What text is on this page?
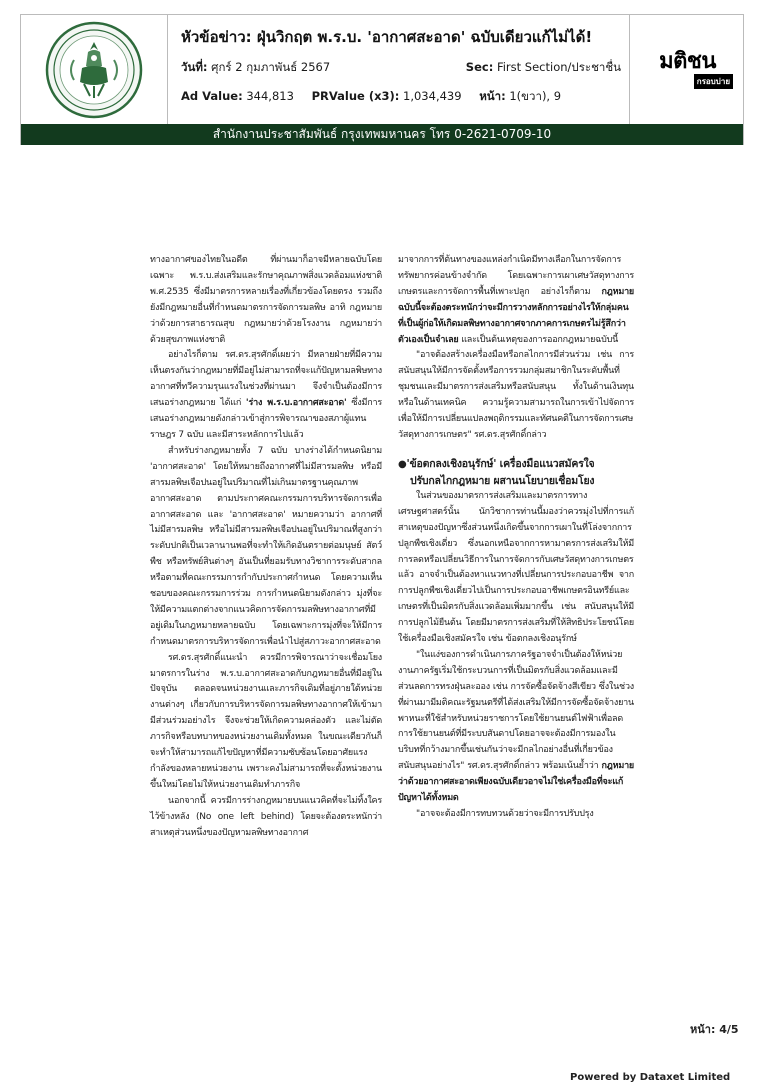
หัวข้อข่าว: ฝุ่นวิกฤต พ.ร.บ. 'อากาศสะอาด' ฉบับเดียวแก้ไม่ได้!
วันที่: ศุกร์ 2 กุมภาพันธ์ 2567	Sec: First Section/ประชาชื่น
Ad Value: 344,813 PRValue (x3): 1,034,439 หน้า: 1(ขวา), 9
มติชน
กรอบบ่าย
สำนักงานประชาสัมพันธ์ กรุงเทพมหานคร โทร 0-2621-0709-10

ทางอากาศของไทยในอดีต ที่ผ่านมาก็อาจมีหลายฉบับโดยเฉพาะ พ.ร.บ.ส่งเสริมและรักษาคุณภาพสิ่งแวดล้อมแห่งชาติ พ.ศ.2535 ซึ่งมีมาตรการหลายเรื่องที่เกี่ยวข้องโดยตรง รวมถึงยังมีกฎหมายอื่นที่กำหนดมาตรการจัดการมลพิษ อาทิ กฎหมายว่าด้วยการสาธารณสุข กฎหมายว่าด้วยโรงงาน กฎหมายว่าด้วยสุขภาพแห่งชาติ

อย่างไรก็ตาม รศ.ดร.สุรศักดิ์เผยว่า มีหลายฝ่ายที่มีความเห็นตรงกันว่ากฎหมายที่มีอยู่ไม่สามารถที่จะแก้ปัญหามลพิษทางอากาศที่ทวีความรุนแรงในช่วงที่ผ่านมา จึงจำเป็นต้องมีการเสนอร่างกฎหมาย ได้แก่ 'ร่าง พ.ร.บ.อากาศสะอาด' ซึ่งมีการเสนอร่างกฎหมายดังกล่าวเข้าสู่การพิจารณาของสภาผู้แทนราษฎร 7 ฉบับ และมีสาระหลักการไปแล้ว

สำหรับร่างกฎหมายทั้ง 7 ฉบับ บางร่างได้กำหนดนิยาม 'อากาศสะอาด' โดยให้หมายถึงอากาศที่ไม่มีสารมลพิษ หรือมีสารมลพิษเจือปนอยู่ในปริมาณที่ไม่เกินมาตรฐานคุณภาพอากาศสะอาด ตามประกาศคณะกรรมการบริหารจัดการเพื่ออากาศสะอาด และ 'อากาศสะอาด' หมายความว่า อากาศที่ไม่มีสารมลพิษ หรือไม่มีสารมลพิษเจือปนอยู่ในปริมาณที่สูงกว่าระดับปกติเป็นเวลานานพอที่จะทำให้เกิดอันตรายต่อมนุษย์ สัตว์ พืช หรือทรัพย์สินต่างๆ อันเป็นที่ยอมรับทางวิชาการระดับสากล หรือตามที่คณะกรรมการกำกับประกาศกำหนด โดยความเห็นชอบของคณะกรรมการร่วม การกำหนดนิยามดังกล่าว มุ่งที่จะให้มีความแตกต่างจากแนวคิดการจัดการมลพิษทางอากาศที่มีอยู่เดิมในกฎหมายหลายฉบับ โดยเฉพาะการมุ่งที่จะให้มีการกำหนดมาตรการบริหารจัดการเพื่อนำไปสู่สภาวะอากาศสะอาด

รศ.ดร.สุรศักดิ์แนะนำ ควรมีการพิจารณาว่าจะเชื่อมโยงมาตรการในร่าง พ.ร.บ.อากาศสะอาดกับกฎหมายอื่นที่มีอยู่ในปัจจุบัน ตลอดจนหน่วยงานและภารกิจเดิมที่อยู่ภายใต้หน่วยงานต่างๆ เกี่ยวกับการบริหารจัดการมลพิษทางอากาศให้เข้ามามีส่วนร่วมอย่างไร จึงจะช่วยให้เกิดความคล่องตัว และไม่ตัดภารกิจหรือบทบาทของหน่วยงานเดิมทั้งหมด ในขณะเดียวกันก็จะทำให้สามารถแก้ไขปัญหาที่มีความซับซ้อนโดยอาศัยแรงกำลังของหลายหน่วยงาน เพราะคงไม่สามารถที่จะตั้งหน่วยงานขึ้นใหม่โดยไม่ให้หน่วยงานเดิมทำภารกิจ

นอกจากนี้ ควรมีการร่างกฎหมายบนแนวคิดที่จะไม่ทิ้งใครไว้ข้างหลัง (No one left behind) โดยจะต้องตระหนักว่าสาเหตุส่วนหนึ่งของปัญหามลพิษทางอากาศ

มาจากการที่ต้นทางของแหล่งกำเนิดมีทางเลือกในการจัดการทรัพยากรค่อนข้างจำกัด โดยเฉพาะการเผาเศษวัสดุทางการเกษตรและการจัดการพื้นที่เพาะปลูก อย่างไรก็ตาม กฎหมายฉบับนี้จะต้องตระหนักว่าจะมีการวางหลักการอย่างไรให้กลุ่มคนที่เป็นผู้ก่อให้เกิดมลพิษทางอากาศจากภาคการเกษตรไม่รู้สึกว่าตัวเองเป็นจำเลย และเป็นต้นเหตุของการออกกฎหมายฉบับนี้

"อาจต้องสร้างเครื่องมือหรือกลไกการมีส่วนร่วม เช่น การสนับสนุนให้มีการจัดตั้งหรือการรวมกลุ่มสมาชิกในระดับพื้นที่ชุมชนและมีมาตรการส่งเสริมหรือสนับสนุน ทั้งในด้านเงินทุน หรือในด้านเทคนิค ความรู้ความสามารถในการเข้าไปจัดการ เพื่อให้มีการเปลี่ยนแปลงพฤติกรรมและทัศนคติในการจัดการเศษวัสดุทางการเกษตร" รศ.ดร.สุรศักดิ์กล่าว

●'ข้อตกลงเชิงอนุรักษ์' เครื่องมือแนวสมัครใจ
ปรับกลไกกฎหมาย ผสานนโยบายเชื่อมโยง

ในส่วนของมาตรการส่งเสริมและมาตรการทางเศรษฐศาสตร์นั้น นักวิชาการท่านนี้มองว่าควรมุ่งไปที่การแก้สาเหตุของปัญหาซึ่งส่วนหนึ่งเกิดขึ้นจากการเผาในที่โล่งจากการปลูกพืชเชิงเดี่ยว ซึ่งนอกเหนือจากการหามาตรการส่งเสริมให้มีการลดหรือเปลี่ยนวิธีการในการจัดการกับเศษวัสดุทางการเกษตรแล้ว อาจจำเป็นต้องหาแนวทางที่เปลี่ยนการประกอบอาชีพ จากการปลูกพืชเชิงเดี่ยวไปเป็นการประกอบอาชีพเกษตรอินทรีย์และเกษตรที่เป็นมิตรกับสิ่งแวดล้อมเพิ่มมากขึ้น เช่น สนับสนุนให้มีการปลูกไม้ยืนต้น โดยมีมาตรการส่งเสริมที่ให้สิทธิประโยชน์โดยใช้เครื่องมือเชิงสมัครใจ เช่น ข้อตกลงเชิงอนุรักษ์

"ในแง่ของการดำเนินการภาครัฐอาจจำเป็นต้องให้หน่วยงานภาครัฐเริ่มใช้กระบวนการที่เป็นมิตรกับสิ่งแวดล้อมและมีส่วนลดการทรงฝุ่นละออง เช่น การจัดซื้อจัดจ้างสีเขียว ซึ่งในช่วงที่ผ่านมามีมติคณะรัฐมนตรีที่ได้ส่งเสริมให้มีการจัดซื้อจัดจ้างยานพาหนะที่ใช้สำหรับหน่วยราชการโดยใช้ยานยนต์ไฟฟ้าเพื่อลดการใช้ยานยนต์ที่มีระบบสันดาปโดยอาจจะต้องมีการมองในบริบทที่กว้างมากขึ้นเช่นกันว่าจะมีกลไกอย่างอื่นที่เกี่ยวข้องสนับสนุนอย่างไร" รศ.ดร.สุรศักดิ์กล่าว พร้อมเน้นย้ำว่า กฎหมายว่าด้วยอากาศสะอาดเพียงฉบับเดียวอาจไม่ใช่เครื่องมือที่จะแก้ปัญหาได้ทั้งหมด

"อาจจะต้องมีการทบทวนด้วยว่าจะมีการปรับปรุง

หน้า: 4/5
Powered by Dataxet Limited
